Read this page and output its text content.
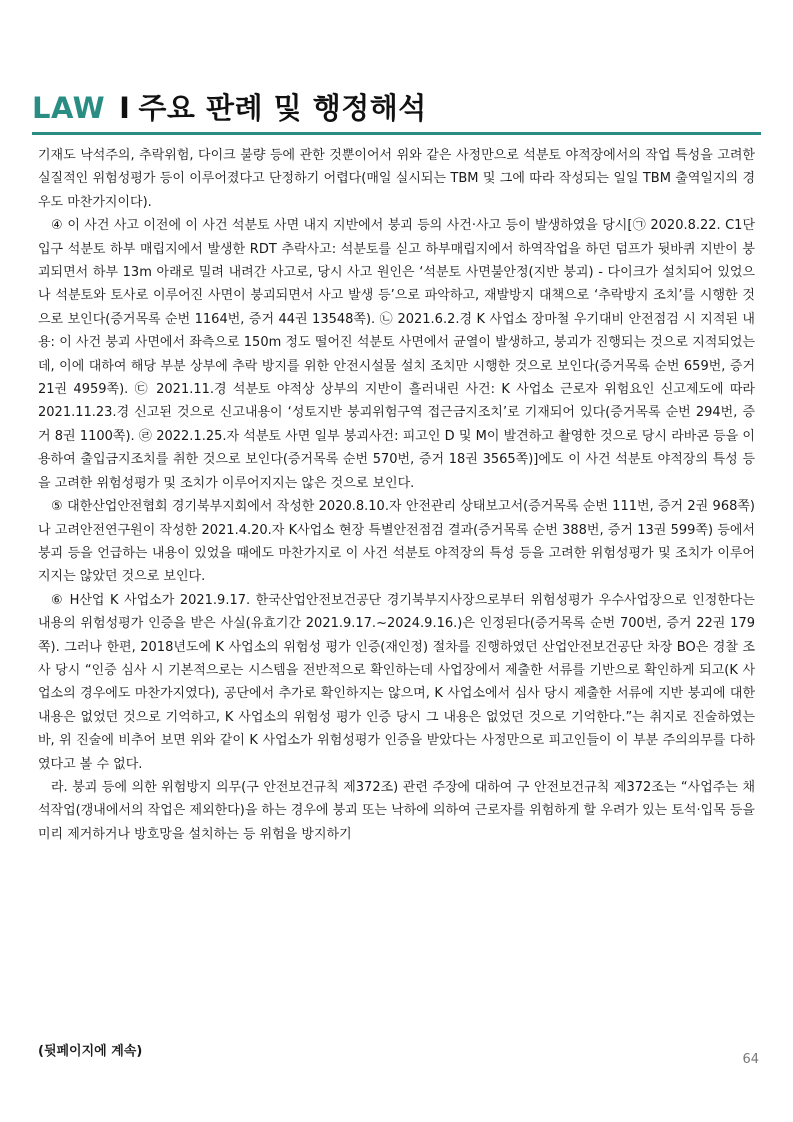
LAW I 주요 판례 및 행정해석

기재도 낙석주의, 추락위험, 다이크 불량 등에 관한 것뿐이어서 위와 같은 사정만으로 석분토 야적장에서의 작업 특성을 고려한 실질적인 위험성평가 등이 이루어졌다고 단정하기 어렵다(매일 실시되는 TBM 및 그에 따라 작성되는 일일 TBM 출역일지의 경우도 마찬가지이다).

④ 이 사건 사고 이전에 이 사건 석분토 사면 내지 지반에서 붕괴 등의 사건·사고 등이 발생하였을 당시[㉠ 2020.8.22. C1단 입구 석분토 하부 매립지에서 발생한 RDT 추락사고: 석분토를 싣고 하부매립지에서 하역작업을 하던 덤프가 뒷바퀴 지반이 붕괴되면서 하부 13m 아래로 밀려 내려간 사고로, 당시 사고 원인은 ‘석분토 사면불안정(지반 붕괴) - 다이크가 설치되어 있었으나 석분토와 토사로 이루어진 사면이 붕괴되면서 사고 발생 등’으로 파악하고, 재발방지 대책으로 ‘추락방지 조치’를 시행한 것으로 보인다(증거목록 순번 1164번, 증거 44권 13548쪽). ㉡ 2021.6.2.경 K 사업소 장마철 우기대비 안전점검 시 지적된 내용: 이 사건 붕괴 사면에서 좌측으로 150m 정도 떨어진 석분토 사면에서 균열이 발생하고, 붕괴가 진행되는 것으로 지적되었는데, 이에 대하여 해당 부분 상부에 추락 방지를 위한 안전시설물 설치 조치만 시행한 것으로 보인다(증거목록 순번 659번, 증거 21권 4959쪽). ㉢ 2021.11.경 석분토 야적상 상부의 지반이 흘러내린 사건: K 사업소 근로자 위험요인 신고제도에 따라 2021.11.23.경 신고된 것으로 신고내용이 ‘성토지반 붕괴위험구역 접근금지조치’로 기재되어 있다(증거목록 순번 294번, 증거 8권 1100쪽). ㉣ 2022.1.25.자 석분토 사면 일부 붕괴사건: 피고인 D 및 M이 발견하고 촬영한 것으로 당시 라바콘 등을 이용하여 출입금지조치를 취한 것으로 보인다(증거목록 순번 570번, 증거 18권 3565쪽)]에도 이 사건 석분토 야적장의 특성 등을 고려한 위험성평가 및 조치가 이루어지지는 않은 것으로 보인다.

⑤ 대한산업안전협회 경기북부지회에서 작성한 2020.8.10.자 안전관리 상태보고서(증거목록 순번 111번, 증거 2권 968쪽)나 고려안전연구원이 작성한 2021.4.20.자 K사업소 현장 특별안전점검 결과(증거목록 순번 388번, 증거 13권 599쪽) 등에서 붕괴 등을 언급하는 내용이 있었을 때에도 마찬가지로 이 사건 석분토 야적장의 특성 등을 고려한 위험성평가 및 조치가 이루어지지는 않았던 것으로 보인다.

⑥ H산업 K 사업소가 2021.9.17. 한국산업안전보건공단 경기북부지사장으로부터 위험성평가 우수사업장으로 인정한다는 내용의 위험성평가 인증을 받은 사실(유효기간 2021.9.17.~2024.9.16.)은 인정된다(증거목록 순번 700번, 증거 22권 179쪽). 그러나 한편, 2018년도에 K 사업소의 위험성 평가 인증(재인정) 절차를 진행하였던 산업안전보건공단 차장 BO은 경찰 조사 당시 “인증 심사 시 기본적으로는 시스템을 전반적으로 확인하는데 사업장에서 제출한 서류를 기반으로 확인하게 되고(K 사업소의 경우에도 마찬가지였다), 공단에서 추가로 확인하지는 않으며, K 사업소에서 심사 당시 제출한 서류에 지반 붕괴에 대한 내용은 없었던 것으로 기억하고, K 사업소의 위험성 평가 인증 당시 그 내용은 없었던 것으로 기억한다.”는 취지로 진술하였는바, 위 진술에 비추어 보면 위와 같이 K 사업소가 위험성평가 인증을 받았다는 사정만으로 피고인들이 이 부분 주의의무를 다하였다고 볼 수 없다.

라. 붕괴 등에 의한 위험방지 의무(구 안전보건규칙 제372조) 관련 주장에 대하여 구 안전보건규칙 제372조는 “사업주는 채석작업(갱내에서의 작업은 제외한다)을 하는 경우에 붕괴 또는 낙하에 의하여 근로자를 위험하게 할 우려가 있는 토석·입목 등을 미리 제거하거나 방호망을 설치하는 등 위험을 방지하기

(뒷페이지에 계속)
64
